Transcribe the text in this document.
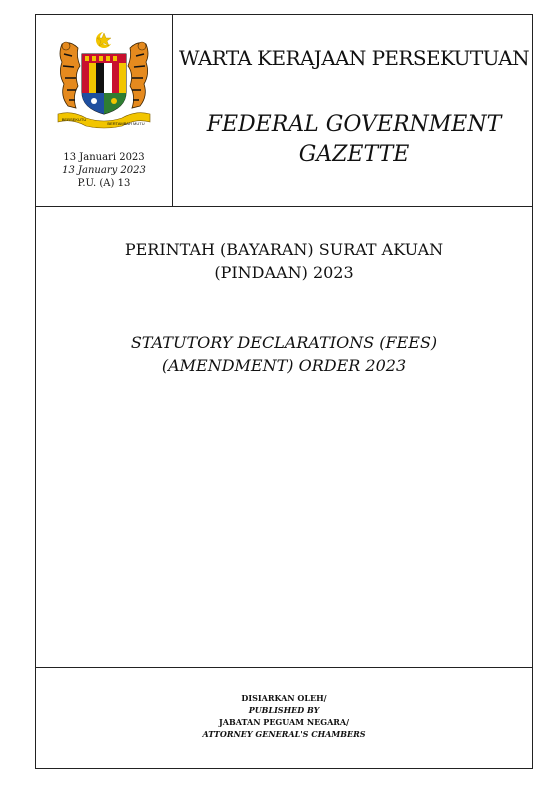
BERSEKUTU
BERTAMBAH MUTU
13 Januari 2023
13 January 2023
P.U. (A) 13
WARTA KERAJAAN PERSEKUTUAN
FEDERAL GOVERNMENT
GAZETTE
PERINTAH (BAYARAN) SURAT AKUAN
(PINDAAN) 2023
STATUTORY DECLARATIONS (FEES)
(AMENDMENT) ORDER 2023
DISIARKAN OLEH/
PUBLISHED BY
JABATAN PEGUAM NEGARA/
ATTORNEY GENERAL'S CHAMBERS
